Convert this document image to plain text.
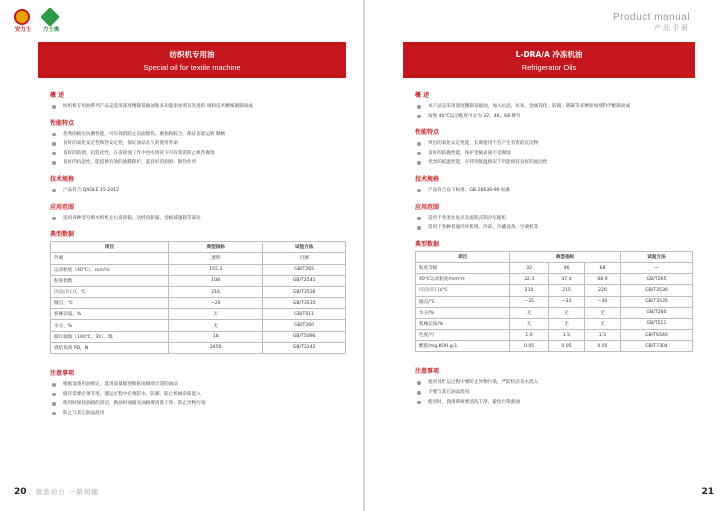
安力士	力士奥
纺织机专用油
Special oil for textile machine
概 述
纺织机专用油系列产品是选用深度精制基础油和多功能添加剂及先进的 调和技术精细调制而成
性能特点
优秀的极压抗磨性能，可有效的防止齿面擦伤、磨损和胶合，保证齿轮运转 顺畅
良好的氧化安定性和热安定性，保证油品长久的使用寿命
良好的防锈、抗乳化性，在齿轮油工作中进水情况下可有效的防止机件腐蚀
良好的抗泡性，能提供有效的油膜保护，起良好的润滑、散热作用
技术规格
产品符合 Q/IQLE 15-2012
应用范围
适用各种型号喷水织机左右齿轮箱、送经齿轮箱、卷板减速箱等部位
典型数据
项目	典型指标	试验方法
外观	透明	目测
运动粘度（40℃），mm²/s	155.3	GB/T265
粘度指数	108	GB/T2541
闪点(开口)，℃	216	GB/T3536
倾点，℃	−20	GB/T3535
机械杂质，%	无	GB/T511
水分，%	无	GB/T260
铜片腐蚀（100℃，3h），级	1b	GB/T5096
烧结负荷 PD，N	2450	GB/T3142
注意事项
根据设备用油规定，选用质量级别和粘度级别合适的油品
储存需要必须专用，储运过程中必须防水、防潮、防止机械杂质混入
使用时保持油箱的清洁，换油时油箱及油路要清洗干净，防止异物污染
防止与其它油品混用
20 强劲动力 一路相随
Product manual
产品手册
L-DRA/A 冷冻机油
Refrigerator Oils
概 述
本产品是采用深度精制基础油，加入抗泡、抗氧、金属钝化、防腐、降凝等多种添加剂科学配制而成
按照 40℃运动粘度可分为 32、46、68 牌号
性能特点
突出的氧化安定性能，长期使用不会产生有害的沉淀物
良好的防腐性能，保护金属表面不受腐蚀
优异的低温性能，在特别低温情况下仍能保持良好的流动性
技术规格
产品符合以下标准：GB 16630-96 标准
应用范围
适用于各类往复式及旋转式制冷压缩机
适用于各种普通冷库机组，冷冻、冷藏设备，空调机等
典型数据
项目	典型指标			试验方法
粘度等级	32	46	68	—
40℃运动粘度/mm²/s	32.3	47.4	68.9	GB/T265
闪点(开口)/℃	210	215	220	GB/T3536
倾点/℃	−35	−33	−30	GB/T3535
水分/%	无	无	无	GB/T260
机械杂质/%	无	无	无	GB/T511
色度/号	1.0	1.5	1.5	GB/T6540
酸值/mg.KOH.g-1	0.05	0.05	0.05	GB/T7304
注意事项
使用及贮运过程中要防止异物污染，严防机杂及水混入
不要与其它油品混用
使用时，润滑系统要清洗干净，避免污染新油
21
